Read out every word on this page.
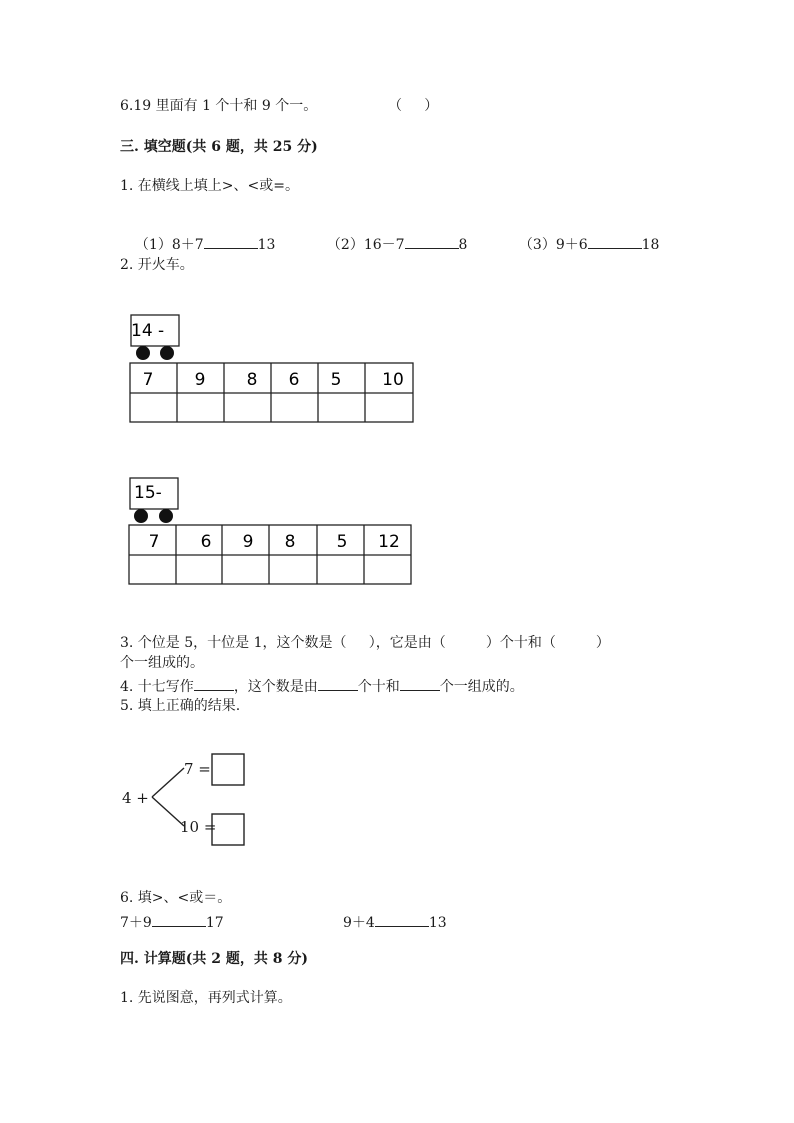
6.19 里面有 1 个十和 9 个一。	（     ）
三. 填空题(共 6 题，共 25 分)
1. 在横线上填上>、<或=。

（1）8＋7	13	（2）16－7	8	（3）9＋6	18

2. 开火车。
14 -
7 9 8 6 5 10
15-
7 6 9 8 5 12
3. 个位是 5，十位是 1，这个数是（     ），它是由（         ）个十和（         ）
个一组成的。
4. 十七写作	，这个数是由	个十和	个一组成的。
5. 填上正确的结果.
4 +
7 =
10 =
6. 填>、<或＝。
7＋9	17	9＋4	13
四. 计算题(共 2 题，共 8 分)
1. 先说图意，再列式计算。
